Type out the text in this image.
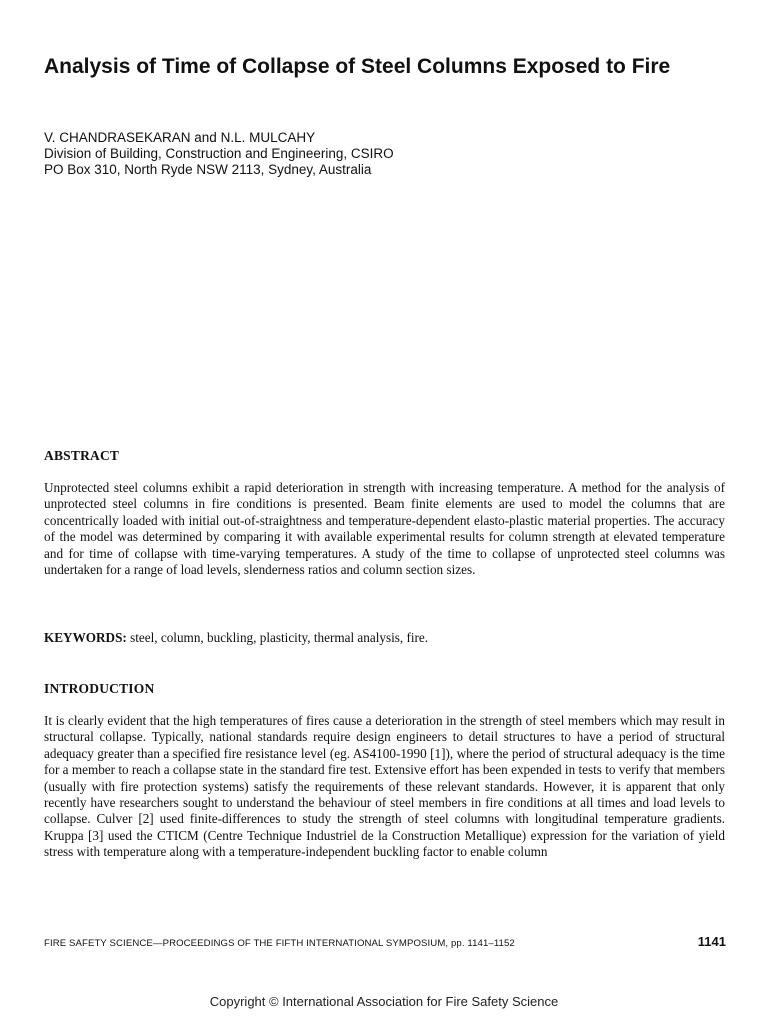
Analysis of Time of Collapse of Steel Columns Exposed to Fire
V. CHANDRASEKARAN and N.L. MULCAHY
Division of Building, Construction and Engineering, CSIRO
PO Box 310, North Ryde NSW 2113, Sydney, Australia
ABSTRACT

Unprotected steel columns exhibit a rapid deterioration in strength with increasing temperature. A method for the analysis of unprotected steel columns in fire conditions is presented. Beam finite elements are used to model the columns that are concentrically loaded with initial out-of-straightness and temperature-dependent elasto-plastic material properties. The accuracy of the model was determined by comparing it with available experimental results for column strength at elevated temperature and for time of collapse with time-varying temperatures. A study of the time to collapse of unprotected steel columns was undertaken for a range of load levels, slenderness ratios and column section sizes.

KEYWORDS: steel, column, buckling, plasticity, thermal analysis, fire.

INTRODUCTION

It is clearly evident that the high temperatures of fires cause a deterioration in the strength of steel members which may result in structural collapse. Typically, national standards require design engineers to detail structures to have a period of structural adequacy greater than a specified fire resistance level (eg. AS4100-1990 [1]), where the period of structural adequacy is the time for a member to reach a collapse state in the standard fire test. Extensive effort has been expended in tests to verify that members (usually with fire protection systems) satisfy the requirements of these relevant standards. However, it is apparent that only recently have researchers sought to understand the behaviour of steel members in fire conditions at all times and load levels to collapse. Culver [2] used finite-differences to study the strength of steel columns with longitudinal temperature gradients. Kruppa [3] used the CTICM (Centre Technique Industriel de la Construction Metallique) expression for the variation of yield stress with temperature along with a temperature-independent buckling factor to enable column

FIRE SAFETY SCIENCE—PROCEEDINGS OF THE FIFTH INTERNATIONAL SYMPOSIUM, pp. 1141–1152	1141
Copyright © International Association for Fire Safety Science
